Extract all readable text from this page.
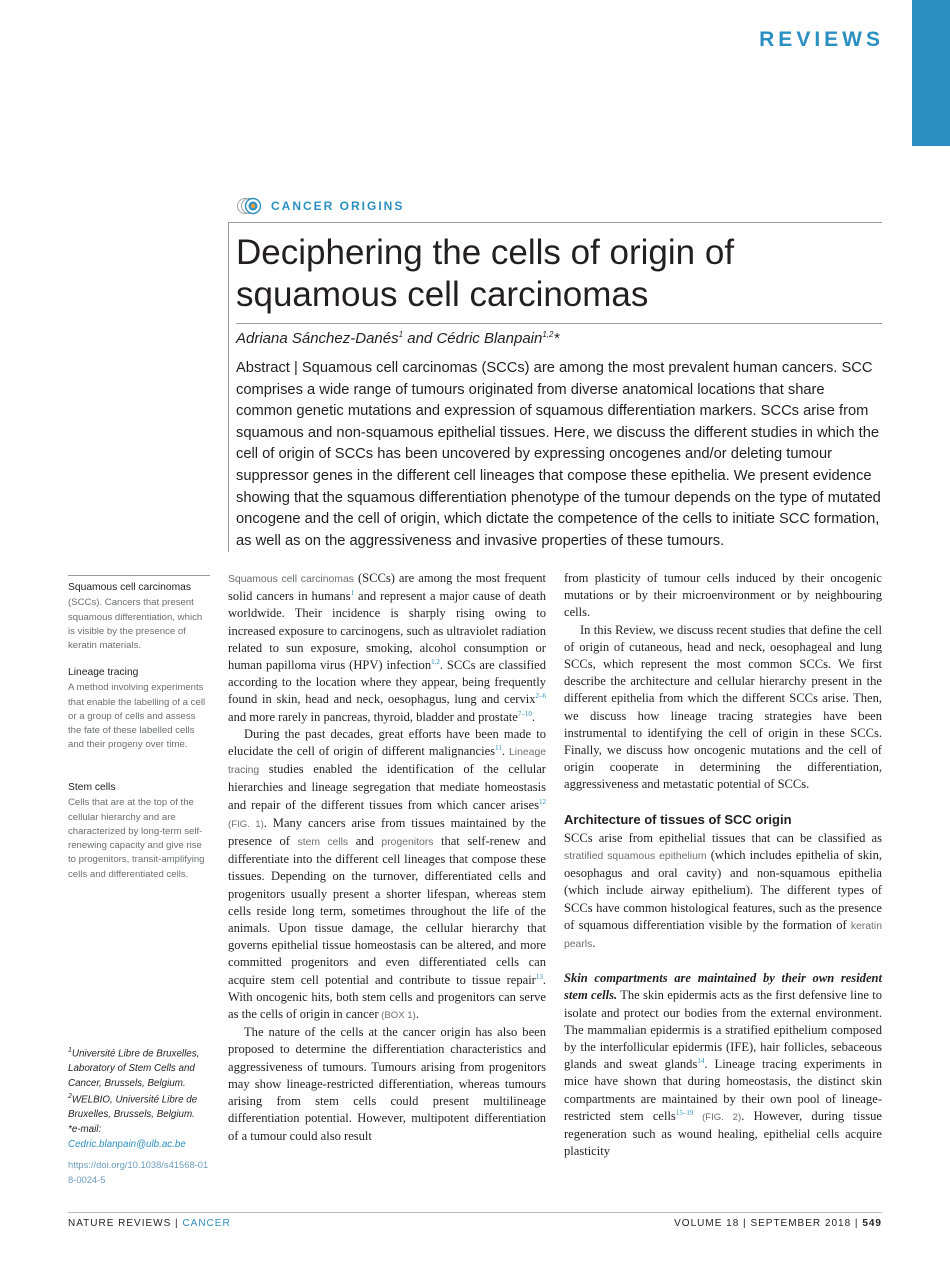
REVIEWS
CANCER ORIGINS
Deciphering the cells of origin of squamous cell carcinomas
Adriana Sánchez-Danés$^1$ and Cédric Blanpain$^{1,2}$*

Abstract | Squamous cell carcinomas (SCCs) are among the most prevalent human cancers. SCC comprises a wide range of tumours originated from diverse anatomical locations that share common genetic mutations and expression of squamous differentiation markers. SCCs arise from squamous and non-squamous epithelial tissues. Here, we discuss the different studies in which the cell of origin of SCCs has been uncovered by expressing oncogenes and/or deleting tumour suppressor genes in the different cell lineages that compose these epithelia. We present evidence showing that the squamous differentiation phenotype of the tumour depends on the type of mutated oncogene and the cell of origin, which dictate the competence of the cells to initiate SCC formation, as well as on the aggressiveness and invasive properties of these tumours.

Squamous cell carcinomas
(SCCs). Cancers that present squamous differentiation, which is visible by the presence of keratin materials.
Lineage tracing
A method involving experiments that enable the labelling of a cell or a group of cells and assess the fate of these labelled cells and their progeny over time.
Stem cells
Cells that are at the top of the cellular hierarchy and are characterized by long-term self-renewing capacity and give rise to progenitors, transit-amplifying cells and differentiated cells.
$^1$Université Libre de Bruxelles, Laboratory of Stem Cells and Cancer, Brussels, Belgium.
$^2$WELBIO, Université Libre de Bruxelles, Brussels, Belgium.
*e-mail: Cedric.blanpain@ulb.ac.be
https://doi.org/10.1038/s41568-018-0024-5

Squamous cell carcinomas (SCCs) are among the most frequent solid cancers in humans$^1$ and represent a major cause of death worldwide. Their incidence is sharply rising owing to increased exposure to carcinogens, such as ultraviolet radiation related to sun exposure, smoking, alcohol consumption or human papilloma virus (HPV) infection$^{1,2}$. SCCs are classified according to the location where they appear, being frequently found in skin, head and neck, oesophagus, lung and cervix$^{2-6}$ and more rarely in pancreas, thyroid, bladder and prostate$^{7-10}$.

During the past decades, great efforts have been made to elucidate the cell of origin of different malignancies$^{11}$. Lineage tracing studies enabled the identification of the cellular hierarchies and lineage segregation that mediate homeostasis and repair of the different tissues from which cancer arises$^{12}$ (FIG. 1). Many cancers arise from tissues maintained by the presence of stem cells and progenitors that self-renew and differentiate into the different cell lineages that compose these tissues. Depending on the turnover, differentiated cells and progenitors usually present a shorter lifespan, whereas stem cells reside long term, sometimes throughout the life of the animals. Upon tissue damage, the cellular hierarchy that governs epithelial tissue homeostasis can be altered, and more committed progenitors and even differentiated cells can acquire stem cell potential and contribute to tissue repair$^{13}$. With oncogenic hits, both stem cells and progenitors can serve as the cells of origin in cancer (BOX 1).

The nature of the cells at the cancer origin has also been proposed to determine the differentiation characteristics and aggressiveness of tumours. Tumours arising from progenitors may show lineage-restricted differentiation, whereas tumours arising from stem cells could present multilineage differentiation potential. However, multipotent differentiation of a tumour could also result

from plasticity of tumour cells induced by their oncogenic mutations or by their microenvironment or by neighbouring cells.

In this Review, we discuss recent studies that define the cell of origin of cutaneous, head and neck, oesophageal and lung SCCs, which represent the most common SCCs. We first describe the architecture and cellular hierarchy present in the different epithelia from which the different SCCs arise. Then, we discuss how lineage tracing strategies have been instrumental to identifying the cell of origin in these SCCs. Finally, we discuss how oncogenic mutations and the cell of origin cooperate in determining the differentiation, aggressiveness and metastatic potential of SCCs.

Architecture of tissues of SCC origin

SCCs arise from epithelial tissues that can be classified as stratified squamous epithelium (which includes epithelia of skin, oesophagus and oral cavity) and non-squamous epithelia (which include airway epithelium). The different types of SCCs have common histological features, such as the presence of squamous differentiation visible by the formation of keratin pearls.

Skin compartments are maintained by their own resident stem cells. The skin epidermis acts as the first defensive line to isolate and protect our bodies from the external environment. The mammalian epidermis is a stratified epithelium composed by the interfollicular epidermis (IFE), hair follicles, sebaceous glands and sweat glands$^{14}$. Lineage tracing experiments in mice have shown that during homeostasis, the distinct skin compartments are maintained by their own pool of lineage-restricted stem cells$^{15-19}$ (FIG. 2). However, during tissue regeneration such as wound healing, epithelial cells acquire plasticity

NATURE REVIEWS | CANCER	VOLUME 18 | SEPTEMBER 2018 | 549
